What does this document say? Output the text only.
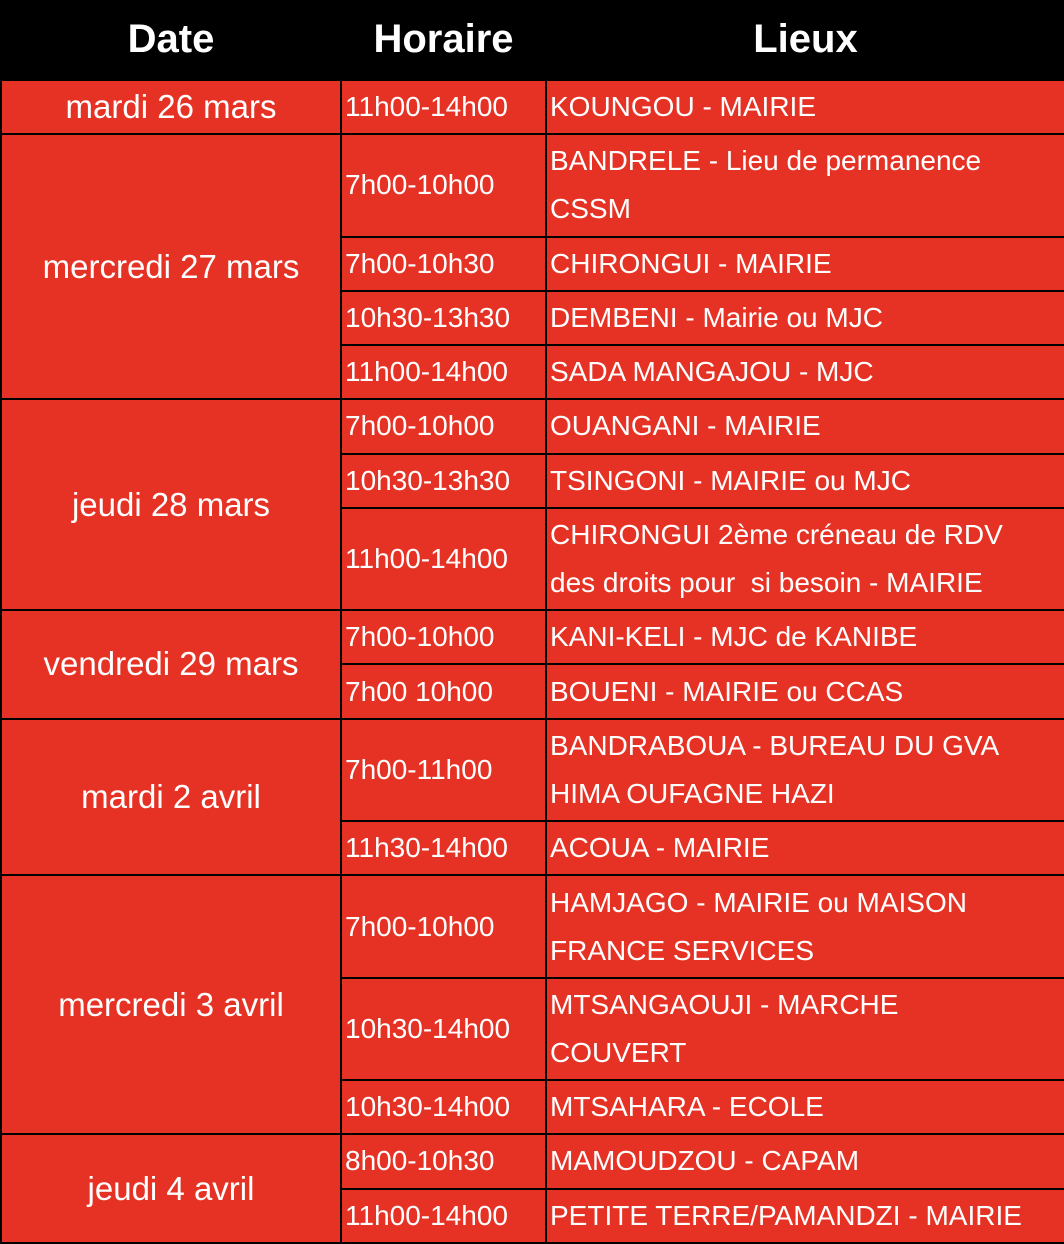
Date	Horaire	Lieux
mardi 26 mars	11h00-14h00	KOUNGOU - MAIRIE
mercredi 27 mars	7h00-10h00	BANDRELE - Lieu de permanence
CSSM
	7h00-10h30	CHIRONGUI - MAIRIE
	10h30-13h30	DEMBENI - Mairie ou MJC
	11h00-14h00	SADA MANGAJOU - MJC
jeudi 28 mars	7h00-10h00	OUANGANI - MAIRIE
	10h30-13h30	TSINGONI - MAIRIE ou MJC
	11h00-14h00	CHIRONGUI 2ème créneau de RDV
des droits pour  si besoin - MAIRIE
vendredi 29 mars	7h00-10h00	KANI-KELI - MJC de KANIBE
	7h00 10h00	BOUENI - MAIRIE ou CCAS
mardi 2 avril	7h00-11h00	BANDRABOUA - BUREAU DU GVA
HIMA OUFAGNE HAZI
	11h30-14h00	ACOUA - MAIRIE
mercredi 3 avril	7h00-10h00	HAMJAGO - MAIRIE ou MAISON
FRANCE SERVICES
	10h30-14h00	MTSANGAOUJI - MARCHE
COUVERT
	10h30-14h00	MTSAHARA - ECOLE
jeudi 4 avril	8h00-10h30	MAMOUDZOU - CAPAM
	11h00-14h00	PETITE TERRE/PAMANDZI - MAIRIE
